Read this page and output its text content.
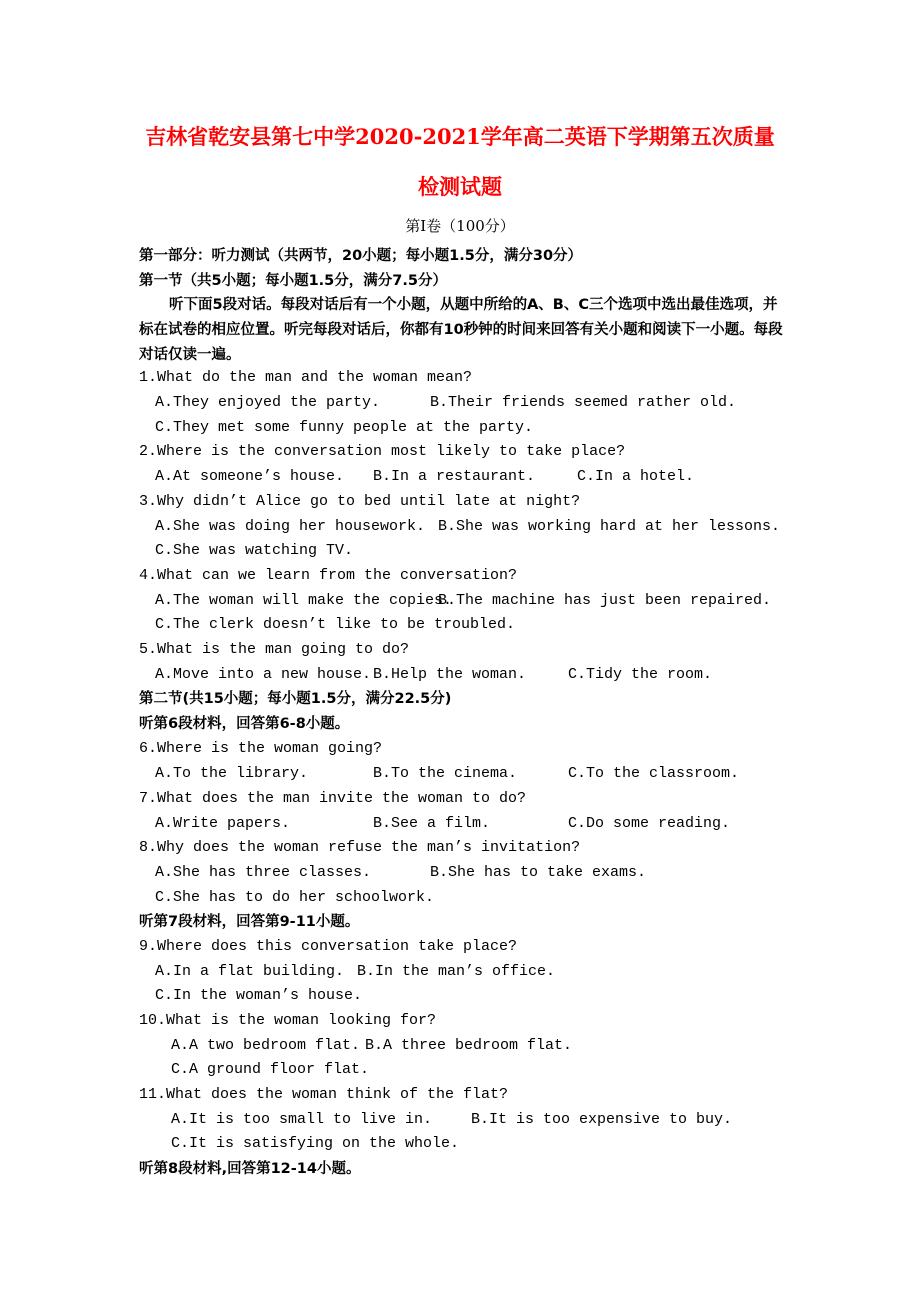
吉林省乾安县第七中学2020-2021学年高二英语下学期第五次质量
检测试题
第Ⅰ卷（100分）
第一部分：听力测试（共两节，20小题；每小题1.5分，满分30分）
第一节（共5小题；每小题1.5分，满分7.5分）
听下面5段对话。每段对话后有一个小题，从题中所给的A、B、C三个选项中选出最佳选项，并标在试卷的相应位置。听完每段对话后，你都有10秒钟的时间来回答有关小题和阅读下一小题。每段对话仅读一遍。
1.What do the man and the woman mean?
A.They enjoyed the party.	B.Their friends seemed rather old.
C.They met some funny people at the party.
2.Where is the conversation most likely to take place?
A.At someone’s house. B.In a restaurant.	C.In a hotel.
3.Why didn’t Alice go to bed until late at night?
A.She was doing her housework. B.She was working hard at her lessons.
C.She was watching TV.
4.What can we learn from the conversation?
A.The woman will make the copies.
B.The machine has just been repaired.
C.The clerk doesn’t like to be troubled.
5.What is the man going to do?
A.Move into a new house. B.Help the woman.	C.Tidy the room.
第二节(共15小题；每小题1.5分，满分22.5分)
听第6段材料，回答第6-8小题。
6.Where is the woman going?
A.To the library.	B.To the cinema.	C.To the classroom.
7.What does the man invite the woman to do?
A.Write papers.	B.See a film.	C.Do some reading.
8.Why does the woman refuse the man’s invitation?
A.She has three classes.	B.She has to take exams.
C.She has to do her schoolwork.
听第7段材料，回答第9-11小题。
9.Where does this conversation take place?
A.In a flat building. B.In the man’s office.
C.In the woman’s house.
10.What is the woman looking for?
A.A two bedroom flat. B.A three bedroom flat.
C.A ground floor flat.
11.What does the woman think of the flat?
A.It is too small to live in.	B.It is too expensive to buy.
C.It is satisfying on the whole.
听第8段材料,回答第12-14小题。
